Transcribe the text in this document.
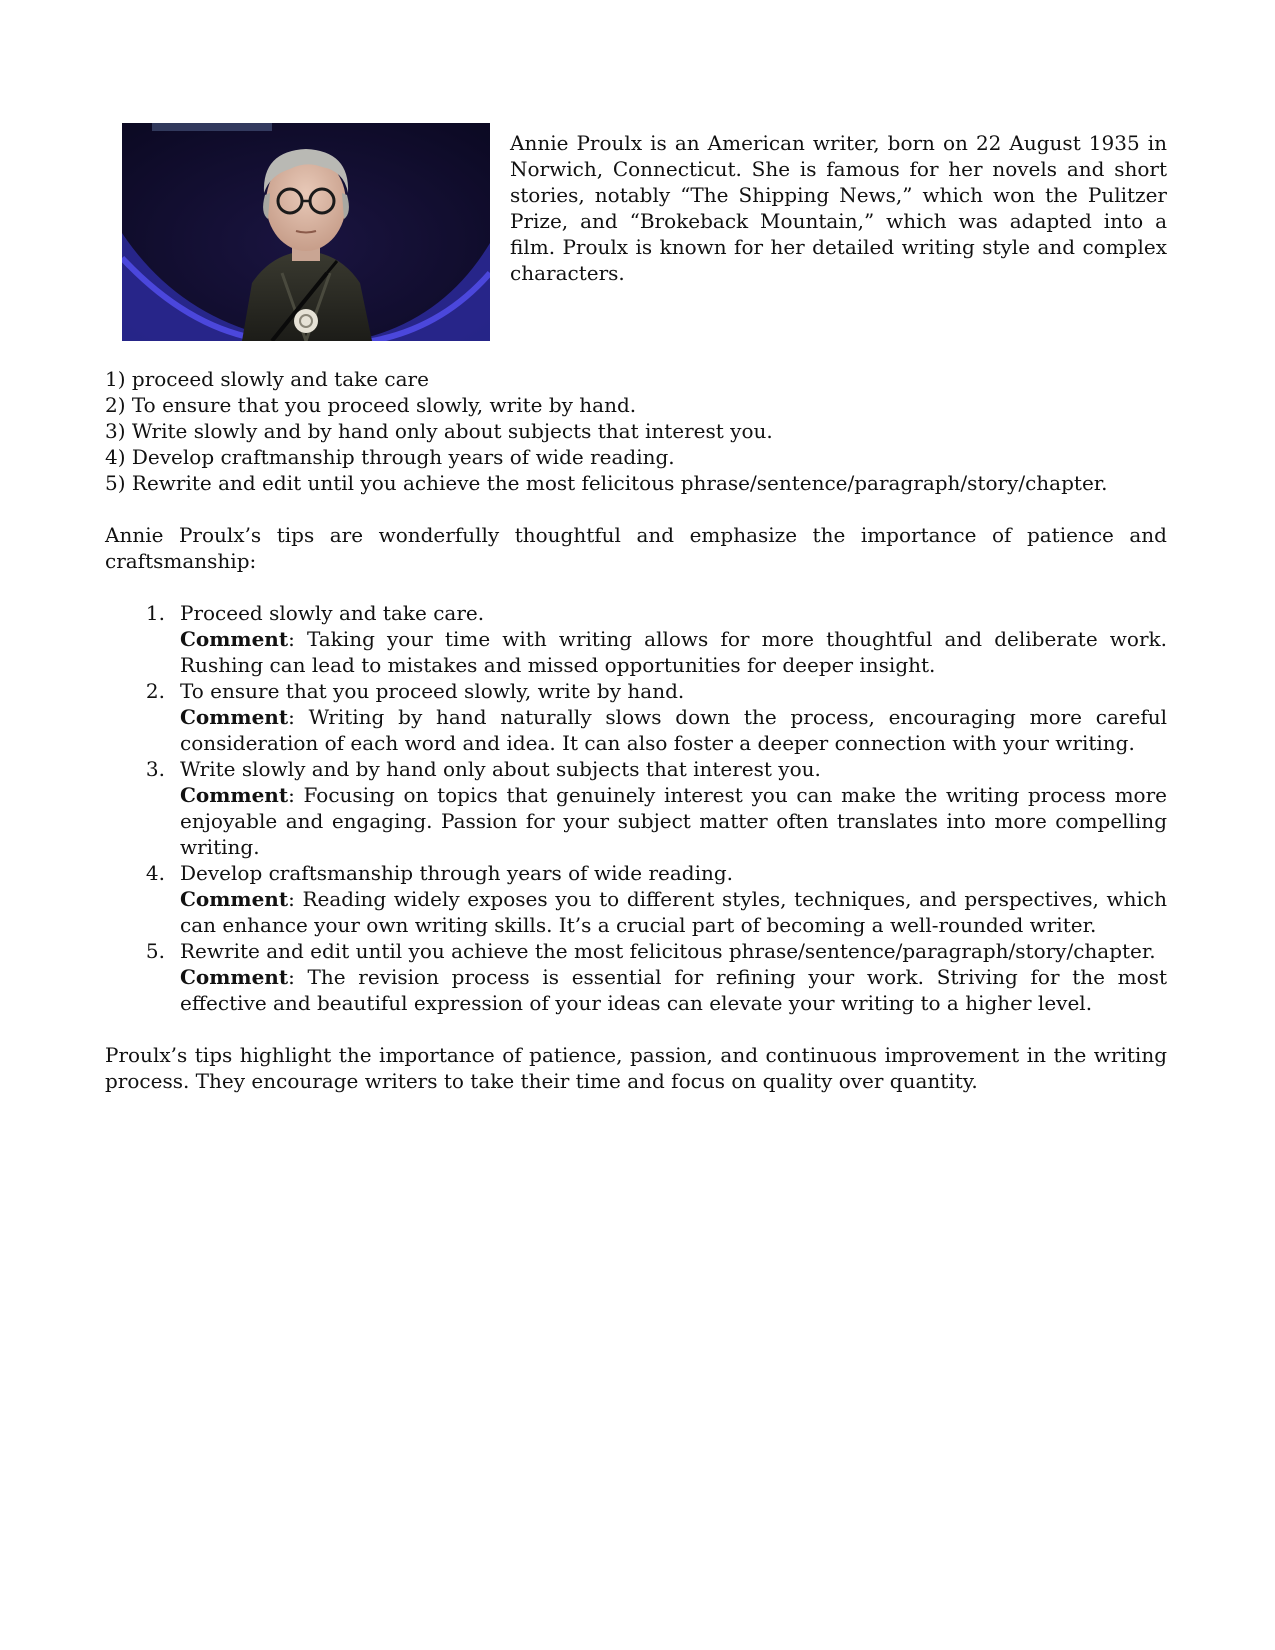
Annie Proulx is an American writer, born on 22 August 1935 in Norwich, Connecticut. She is famous for her novels and short stories, notably “The Shipping News,” which won the Pulitzer Prize, and “Brokeback Mountain,” which was adapted into a film. Proulx is known for her detailed writing style and complex characters.

1) proceed slowly and take care
2) To ensure that you proceed slowly, write by hand.
3) Write slowly and by hand only about subjects that interest you.
4) Develop craftmanship through years of wide reading.
5) Rewrite and edit until you achieve the most felicitous phrase/sentence/paragraph/story/chapter.

Annie Proulx’s tips are wonderfully thoughtful and emphasize the importance of patience and craftsmanship:

1. Proceed slowly and take care.
Comment: Taking your time with writing allows for more thoughtful and deliberate work. Rushing can lead to mistakes and missed opportunities for deeper insight.
2. To ensure that you proceed slowly, write by hand.
Comment: Writing by hand naturally slows down the process, encouraging more careful consideration of each word and idea. It can also foster a deeper connection with your writing.
3. Write slowly and by hand only about subjects that interest you.
Comment: Focusing on topics that genuinely interest you can make the writing process more enjoyable and engaging. Passion for your subject matter often translates into more compelling writing.
4. Develop craftsmanship through years of wide reading.
Comment: Reading widely exposes you to different styles, techniques, and perspectives, which can enhance your own writing skills. It’s a crucial part of becoming a well-rounded writer.
5. Rewrite and edit until you achieve the most felicitous phrase/sentence/paragraph/story/chapter.
Comment: The revision process is essential for refining your work. Striving for the most effective and beautiful expression of your ideas can elevate your writing to a higher level.

Proulx’s tips highlight the importance of patience, passion, and continuous improvement in the writing process. They encourage writers to take their time and focus on quality over quantity.
